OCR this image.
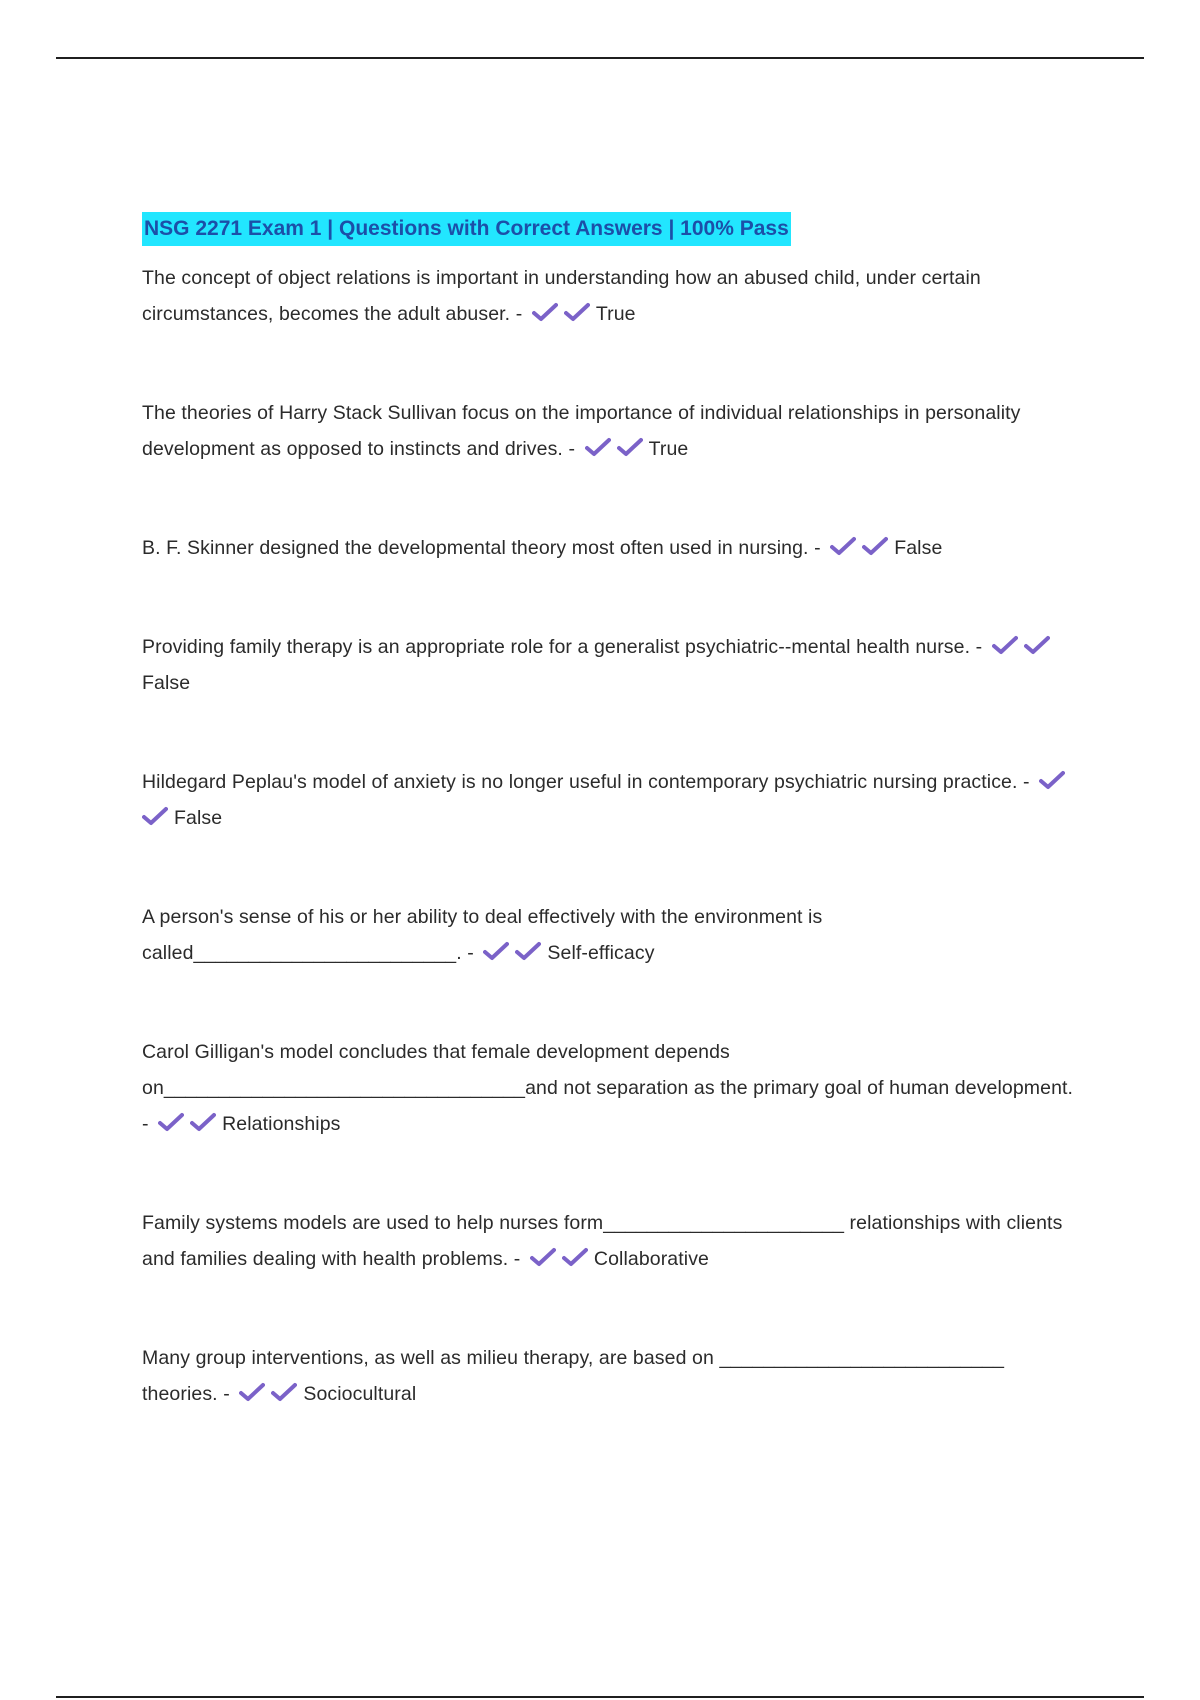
NSG 2271 Exam 1 | Questions with Correct Answers | 100% Pass
The concept of object relations is important in understanding how an abused child, under certain circumstances, becomes the adult abuser. -	True
The theories of Harry Stack Sullivan focus on the importance of individual relationships in personality development as opposed to instincts and drives. -	True
B. F. Skinner designed the developmental theory most often used in nursing. -	False
Providing family therapy is an appropriate role for a generalist psychiatric--mental health nurse. -
False
Hildegard Peplau's model of anxiety is no longer useful in contemporary psychiatric nursing practice. -
False
A person's sense of his or her ability to deal effectively with the environment is called________________________. -	Self-efficacy
Carol Gilligan's model concludes that female development depends on_________________________________and not separation as the primary goal of human development. -	Relationships
Family systems models are used to help nurses form______________________ relationships with clients and families dealing with health problems. -	Collaborative
Many group interventions, as well as milieu therapy, are based on __________________________ theories. -	Sociocultural
